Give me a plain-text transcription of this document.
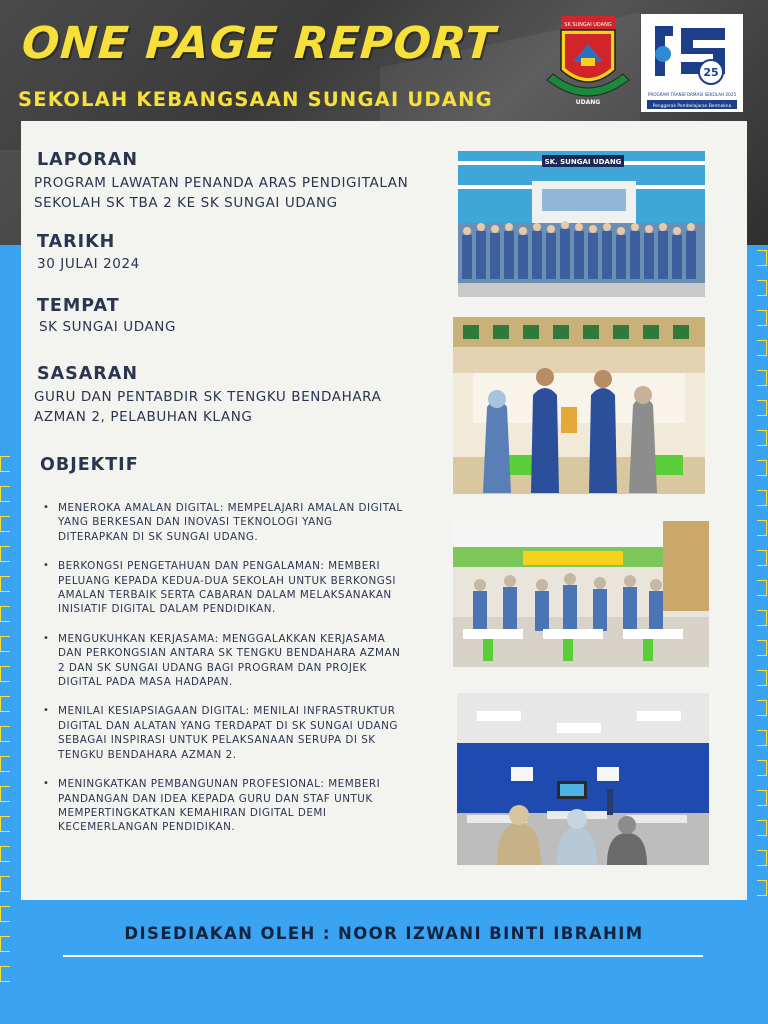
ONE PAGE REPORT
SEKOLAH KEBANGSAAN SUNGAI UDANG
SK SUNGAI UDANG
UDANG
25
PROGRAM TRANSFORMASI SEKOLAH 2025
Penggerak Pembelajaran Bermakna
LAPORAN
PROGRAM LAWATAN PENANDA ARAS PENDIGITALAN SEKOLAH SK TBA 2 KE SK SUNGAI UDANG
TARIKH
30 JULAI 2024
TEMPAT
SK SUNGAI UDANG
SASARAN
GURU DAN PENTABDIR SK TENGKU BENDAHARA AZMAN 2, PELABUHAN KLANG
OBJEKTIF
• MENEROKA AMALAN DIGITAL: MEMPELAJARI AMALAN DIGITAL YANG BERKESAN DAN INOVASI TEKNOLOGI YANG DITERAPKAN DI SK SUNGAI UDANG.
• BERKONGSI PENGETAHUAN DAN PENGALAMAN: MEMBERI PELUANG KEPADA KEDUA-DUA SEKOLAH UNTUK BERKONGSI AMALAN TERBAIK SERTA CABARAN DALAM MELAKSANAKAN INISIATIF DIGITAL DALAM PENDIDIKAN.
• MENGUKUHKAN KERJASAMA: MENGGALAKKAN KERJASAMA DAN PERKONGSIAN ANTARA SK TENGKU BENDAHARA AZMAN 2 DAN SK SUNGAI UDANG BAGI PROGRAM DAN PROJEK DIGITAL PADA MASA HADAPAN.
• MENILAI KESIAPSIAGAAN DIGITAL: MENILAI INFRASTRUKTUR DIGITAL DAN ALATAN YANG TERDAPAT DI SK SUNGAI UDANG SEBAGAI INSPIRASI UNTUK PELAKSANAAN SERUPA DI SK TENGKU BENDAHARA AZMAN 2.
• MENINGKATKAN PEMBANGUNAN PROFESIONAL: MEMBERI PANDANGAN DAN IDEA KEPADA GURU DAN STAF UNTUK MEMPERTINGKATKAN KEMAHIRAN DIGITAL DEMI KECEMERLANGAN PENDIDIKAN.
SK. SUNGAI UDANG
DISEDIAKAN OLEH : NOOR IZWANI BINTI IBRAHIM
